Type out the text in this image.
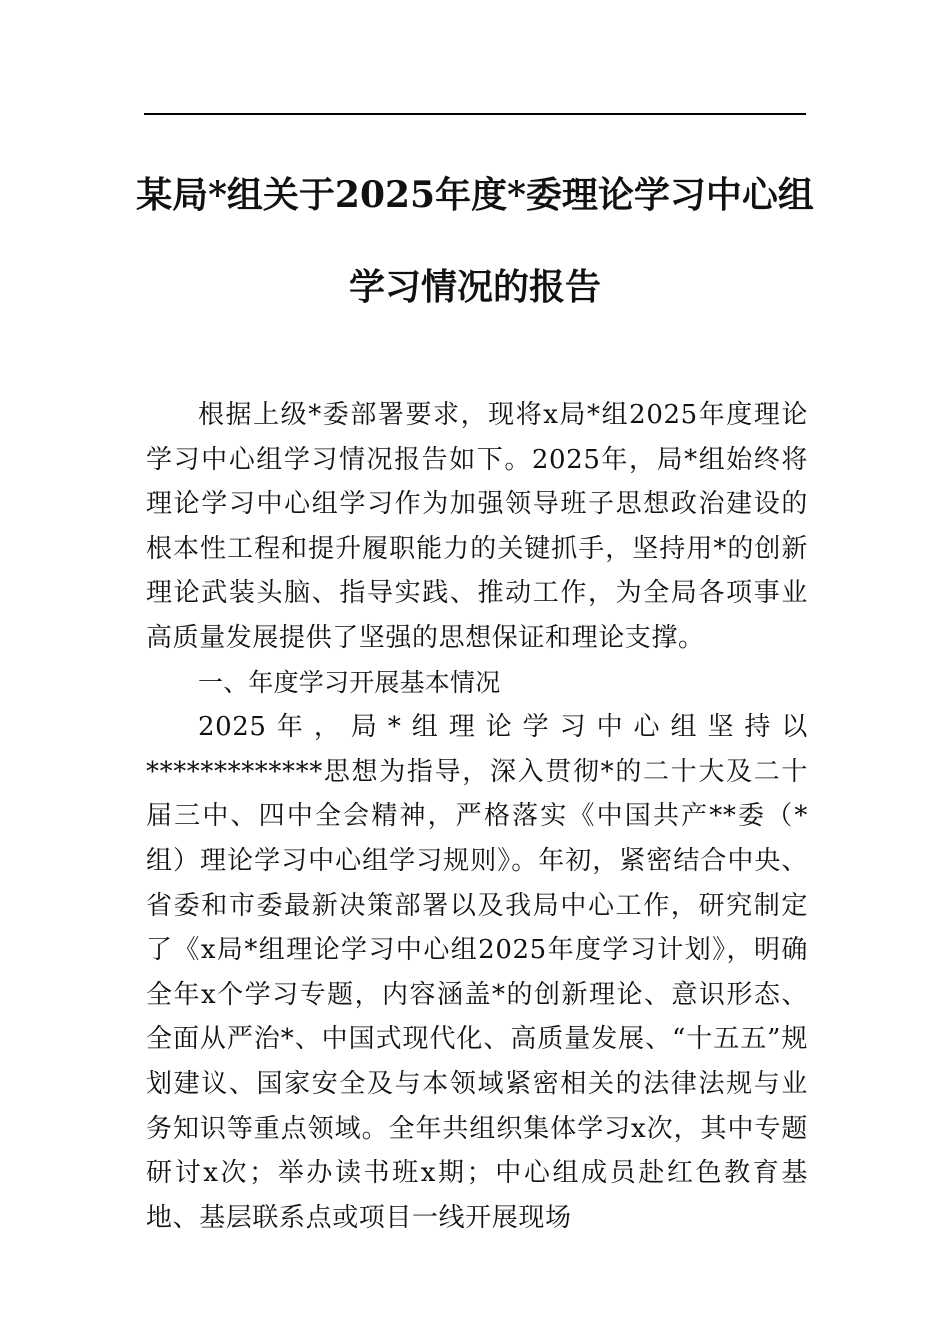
某局*组关于2025年度*委理论学习中心组
学习情况的报告

根据上级*委部署要求，现将x局*组2025年度理论学习中心组学习情况报告如下。2025年，局*组始终将理论学习中心组学习作为加强领导班子思想政治建设的根本性工程和提升履职能力的关键抓手，坚持用*的创新理论武装头脑、指导实践、推动工作，为全局各项事业高质量发展提供了坚强的思想保证和理论支撑。

一、年度学习开展基本情况

2025年，局*组理论学习中心组坚持以*************思想为指导，深入贯彻*的二十大及二十届三中、四中全会精神，严格落实《中国共产**委（*组）理论学习中心组学习规则》。年初，紧密结合中央、省委和市委最新决策部署以及我局中心工作，研究制定了《x局*组理论学习中心组2025年度学习计划》，明确全年x个学习专题，内容涵盖*的创新理论、意识形态、全面从严治*、中国式现代化、高质量发展、“十五五”规划建议、国家安全及与本领域紧密相关的法律法规与业务知识等重点领域。全年共组织集体学习x次，其中专题研讨x次；举办读书班x期；中心组成员赴红色教育基地、基层联系点或项目一线开展现场
